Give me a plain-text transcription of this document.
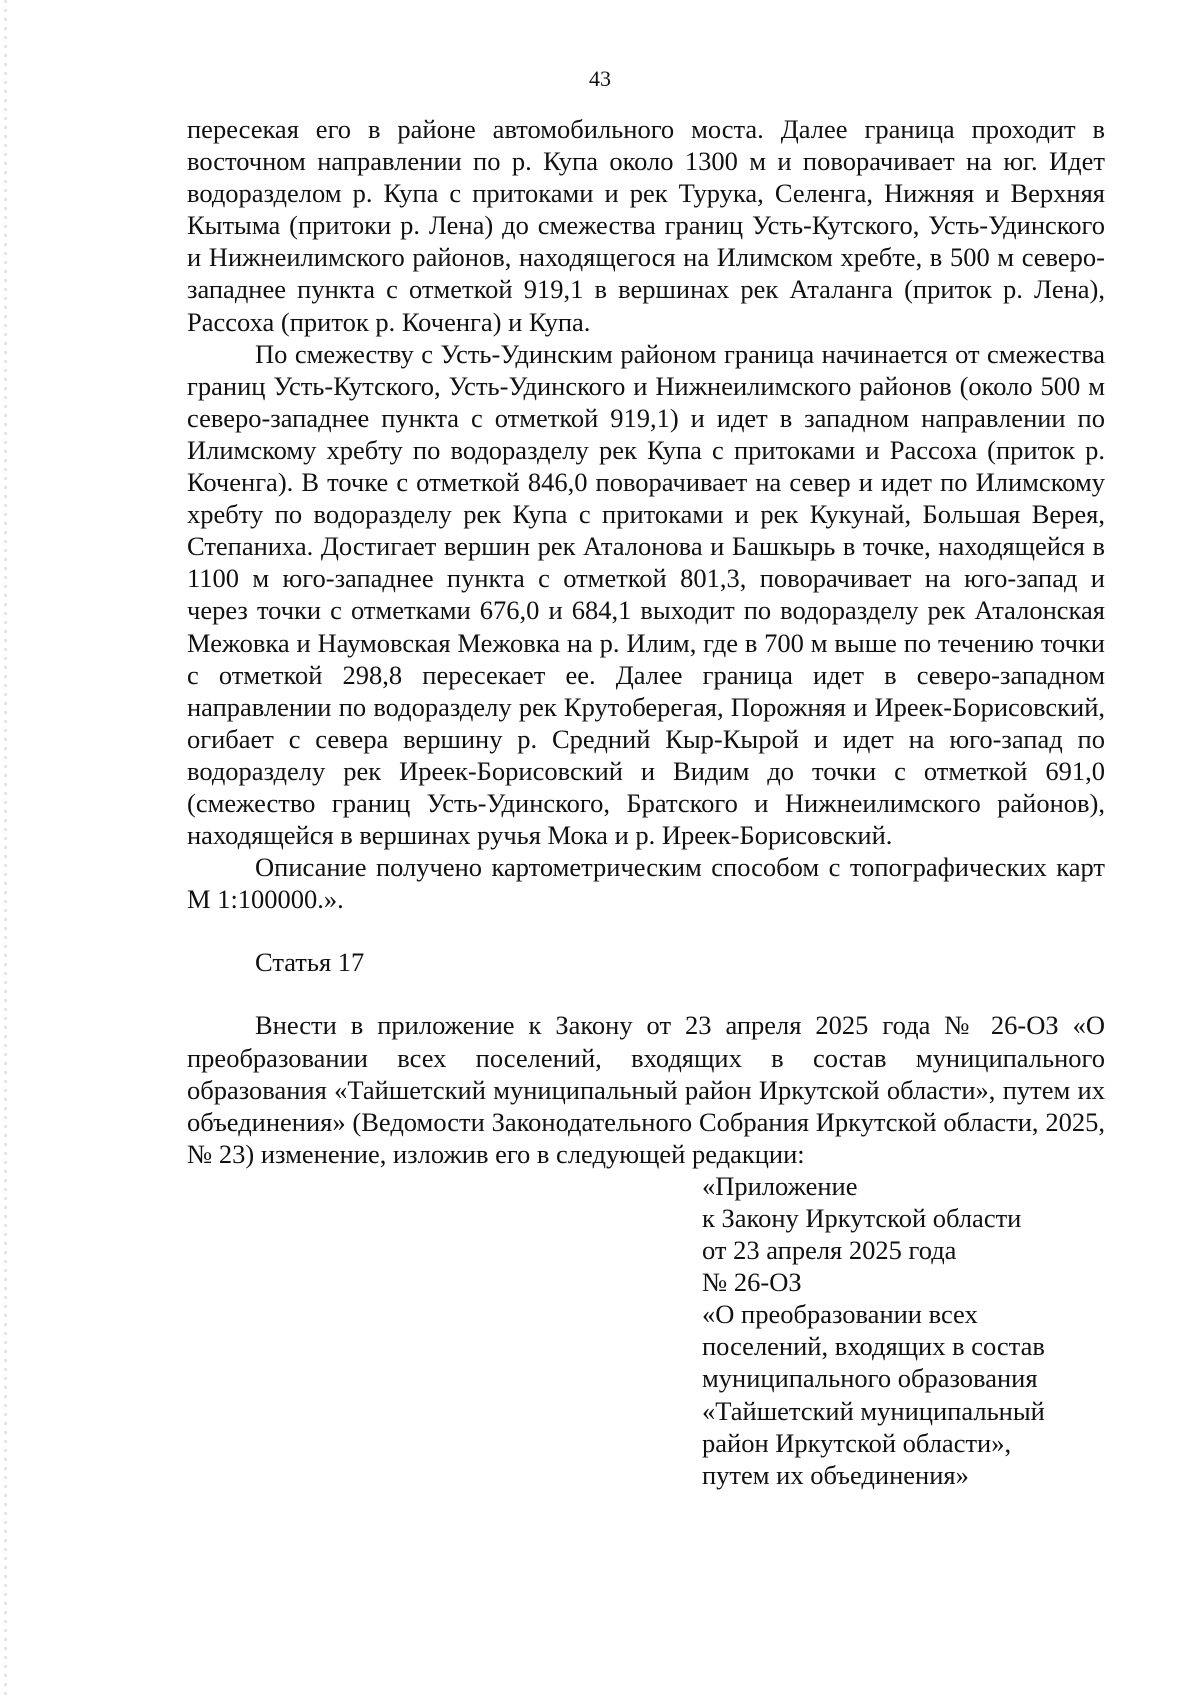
43

пересекая его в районе автомобильного моста. Далее граница проходит в восточном направлении по р. Купа около 1300 м и поворачивает на юг. Идет водоразделом р. Купа с притоками и рек Турука, Селенга, Нижняя и Верхняя Кытыма (притоки р. Лена) до смежества границ Усть-Кутского, Усть-Удинского и Нижнеилимского районов, находящегося на Илимском хребте, в 500 м северо-западнее пункта с отметкой 919,1 в вершинах рек Аталанга (приток р. Лена), Рассоха (приток р. Коченга) и Купа.

По смежеству с Усть-Удинским районом граница начинается от смежества границ Усть-Кутского, Усть-Удинского и Нижнеилимского районов (около 500 м северо-западнее пункта с отметкой 919,1) и идет в западном направлении по Илимскому хребту по водоразделу рек Купа с притоками и Рассоха (приток р. Коченга). В точке с отметкой 846,0 поворачивает на север и идет по Илимскому хребту по водоразделу рек Купа с притоками и рек Кукунай, Большая Верея, Степаниха. Достигает вершин рек Аталонова и Башкырь в точке, находящейся в 1100 м юго-западнее пункта с отметкой 801,3, поворачивает на юго-запад и через точки с отметками 676,0 и 684,1 выходит по водоразделу рек Аталонская Межовка и Наумовская Межовка на р. Илим, где в 700 м выше по течению точки с отметкой 298,8 пересекает ее. Далее граница идет в северо-западном направлении по водоразделу рек Крутоберегая, Порожняя и Иреек-Борисовский, огибает с севера вершину р. Средний Кыр-Кырой и идет на юго-запад по водоразделу рек Иреек-Борисовский и Видим до точки с отметкой 691,0 (смежество границ Усть-Удинского, Братского и Нижнеилимского районов), находящейся в вершинах ручья Мока и р. Иреек-Борисовский.

Описание получено картометрическим способом с топографических карт М 1:100000.».

Статья 17

Внести в приложение к Закону от 23 апреля 2025 года № 26-ОЗ «О преобразовании всех поселений, входящих в состав муниципального образования «Тайшетский муниципальный район Иркутской области», путем их объединения» (Ведомости Законодательного Собрания Иркутской области, 2025, № 23) изменение, изложив его в следующей редакции:

«Приложение

к Закону Иркутской области

от 23 апреля 2025 года

№ 26-ОЗ

«О преобразовании всех

поселений, входящих в состав

муниципального образования

«Тайшетский муниципальный

район Иркутской области»,

путем их объединения»
